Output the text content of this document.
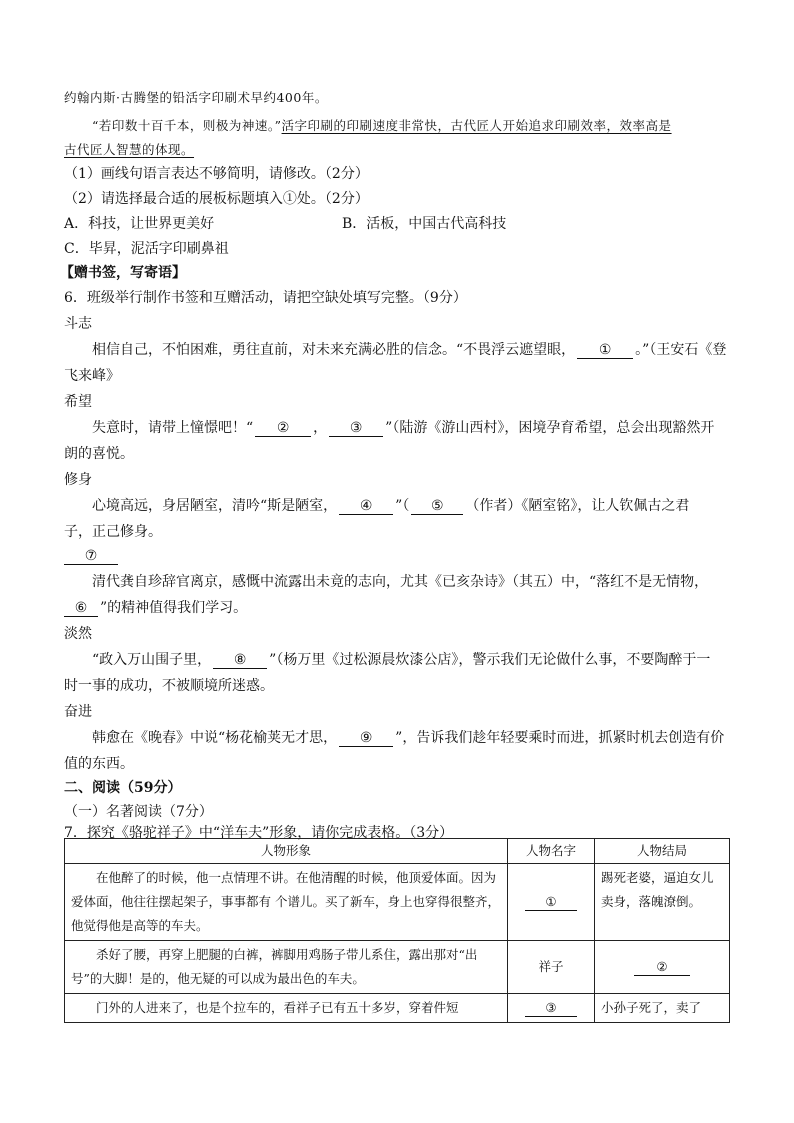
约翰内斯·古腾堡的铅活字印刷术早约400年。
“若印数十百千本，则极为神速。”活字印刷的印刷速度非常快，古代匠人开始追求印刷效率，效率高是
古代匠人智慧的体现。
（1）画线句语言表达不够简明，请修改。（2分）
（2）请选择最合适的展板标题填入①处。（2分）
A．科技，让世界更美好	B．活板，中国古代高科技
C．毕昇，泥活字印刷鼻祖
【赠书签，写寄语】
6．班级举行制作书签和互赠活动，请把空缺处填写完整。（9分）
斗志
相信自己，不怕困难，勇往直前，对未来充满必胜的信念。“不畏浮云遮望眼， ① 。”（王安石《登
飞来峰》
希望
失意时，请带上憧憬吧！“ ② ， ③ ”（陆游《游山西村》，困境孕育希望，总会出现豁然开
朗的喜悦。
修身
心境高远，身居陋室，清吟“斯是陋室， ④ ”（ ⑤ （作者）《陋室铭》，让人钦佩古之君
子，正己修身。
⑦
清代龚自珍辞官离京，感慨中流露出未竟的志向，尤其《已亥杂诗》（其五）中，“落红不是无情物，
⑥ ”的精神值得我们学习。
淡然
“政入万山围子里， ⑧ ”（杨万里《过松源晨炊漆公店》，警示我们无论做什么事，不要陶醉于一
时一事的成功，不被顺境所迷惑。
奋进
韩愈在《晚春》中说“杨花榆荚无才思， ⑨ ”，告诉我们趁年轻要乘时而进，抓紧时机去创造有价
值的东西。
二、阅读（59分）
（一）名著阅读（7分）
7．探究《骆驼祥子》中“洋车夫”形象，请你完成表格。（3分）
人物形象	人物名字	人物结局
在他醉了的时候，他一点情理不讲。在他清醒的时候，他顶爱体面。因为爱体面，他往往摆起架子，事事都有 个谱儿。买了新车，身上也穿得很整齐，他觉得他是高等的车夫。	①	踢死老婆，逼迫女儿卖身，落魄潦倒。
杀好了腰，再穿上肥腿的白裤，裤脚用鸡肠子带儿系住，露出那对“出号”的大脚！是的，他无疑的可以成为最出色的车夫。	祥子	②
门外的人进来了，也是个拉车的，看祥子已有五十多岁，穿着件短	③	小孙子死了，卖了
